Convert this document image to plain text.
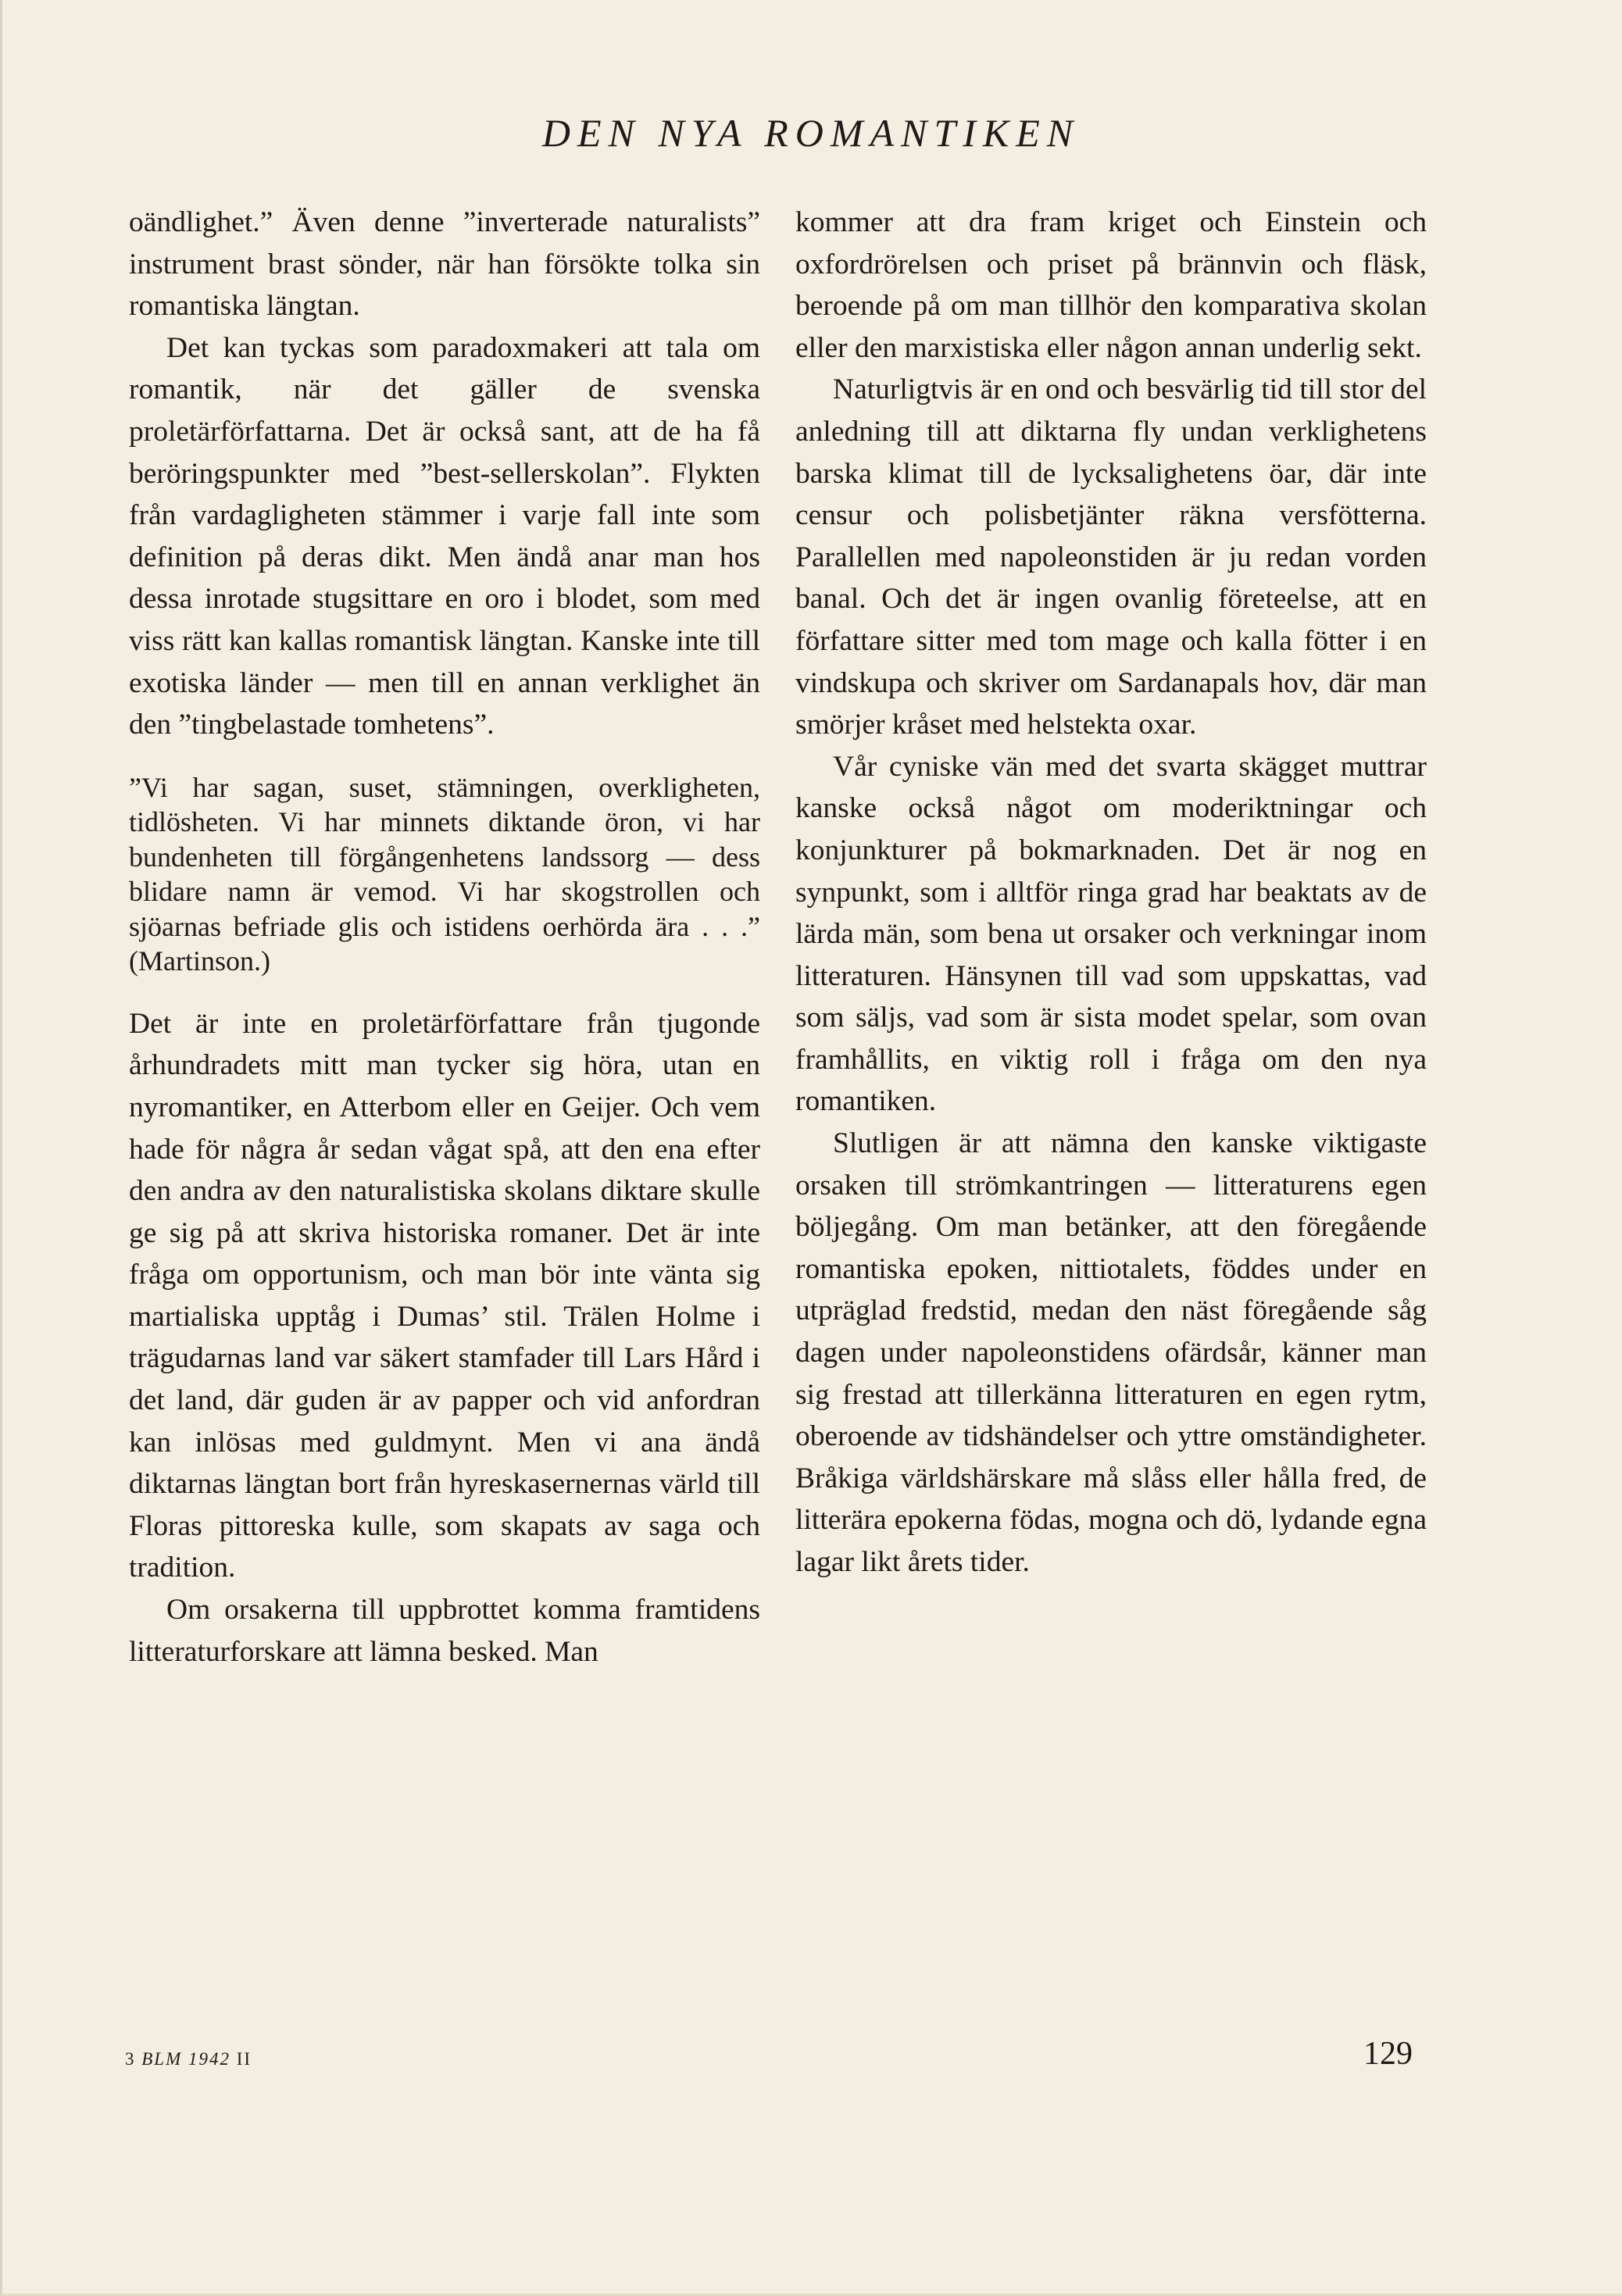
DEN NYA ROMANTIKEN

oändlighet.” Även denne ”inverterade naturalists” instrument brast sönder, när han försökte tolka sin romantiska längtan.

Det kan tyckas som paradoxmakeri att tala om romantik, när det gäller de svenska proletärförfattarna. Det är också sant, att de ha få beröringspunkter med ”best-sellerskolan”. Flykten från vardagligheten stämmer i varje fall inte som definition på deras dikt. Men ändå anar man hos dessa inrotade stugsittare en oro i blodet, som med viss rätt kan kallas romantisk längtan. Kanske inte till exotiska länder — men till en annan verklighet än den ”tingbelastade tomhetens”.

”Vi har sagan, suset, stämningen, overkligheten, tidlösheten. Vi har minnets diktande öron, vi har bundenheten till förgångenhetens landssorg — dess blidare namn är vemod. Vi har skogstrollen och sjöarnas befriade glis och istidens oerhörda ära . . .” (Martinson.)

Det är inte en proletärförfattare från tjugonde århundradets mitt man tycker sig höra, utan en nyromantiker, en Atterbom eller en Geijer. Och vem hade för några år sedan vågat spå, att den ena efter den andra av den naturalistiska skolans diktare skulle ge sig på att skriva historiska romaner. Det är inte fråga om opportunism, och man bör inte vänta sig martialiska upptåg i Dumas’ stil. Trälen Holme i trägudarnas land var säkert stamfader till Lars Hård i det land, där guden är av papper och vid anfordran kan inlösas med guldmynt. Men vi ana ändå diktarnas längtan bort från hyreskasernernas värld till Floras pittoreska kulle, som skapats av saga och tradition.

Om orsakerna till uppbrottet komma framtidens litteraturforskare att lämna besked. Man

kommer att dra fram kriget och Einstein och oxfordrörelsen och priset på brännvin och fläsk, beroende på om man tillhör den komparativa skolan eller den marxistiska eller någon annan underlig sekt.

Naturligtvis är en ond och besvärlig tid till stor del anledning till att diktarna fly undan verklighetens barska klimat till de lycksalighetens öar, där inte censur och polisbetjänter räkna versfötterna. Parallellen med napoleonstiden är ju redan vorden banal. Och det är ingen ovanlig företeelse, att en författare sitter med tom mage och kalla fötter i en vindskupa och skriver om Sardanapals hov, där man smörjer kråset med helstekta oxar.

Vår cyniske vän med det svarta skägget muttrar kanske också något om moderiktningar och konjunkturer på bokmarknaden. Det är nog en synpunkt, som i alltför ringa grad har beaktats av de lärda män, som bena ut orsaker och verkningar inom litteraturen. Hänsynen till vad som uppskattas, vad som säljs, vad som är sista modet spelar, som ovan framhållits, en viktig roll i fråga om den nya romantiken.

Slutligen är att nämna den kanske viktigaste orsaken till strömkantringen — litteraturens egen böljegång. Om man betänker, att den föregående romantiska epoken, nittiotalets, föddes under en utpräglad fredstid, medan den näst föregående såg dagen under napoleonstidens ofärdsår, känner man sig frestad att tillerkänna litteraturen en egen rytm, oberoende av tidshändelser och yttre omständigheter. Bråkiga världshärskare må slåss eller hålla fred, de litterära epokerna födas, mogna och dö, lydande egna lagar likt årets tider.

3 BLM 1942 II	129
